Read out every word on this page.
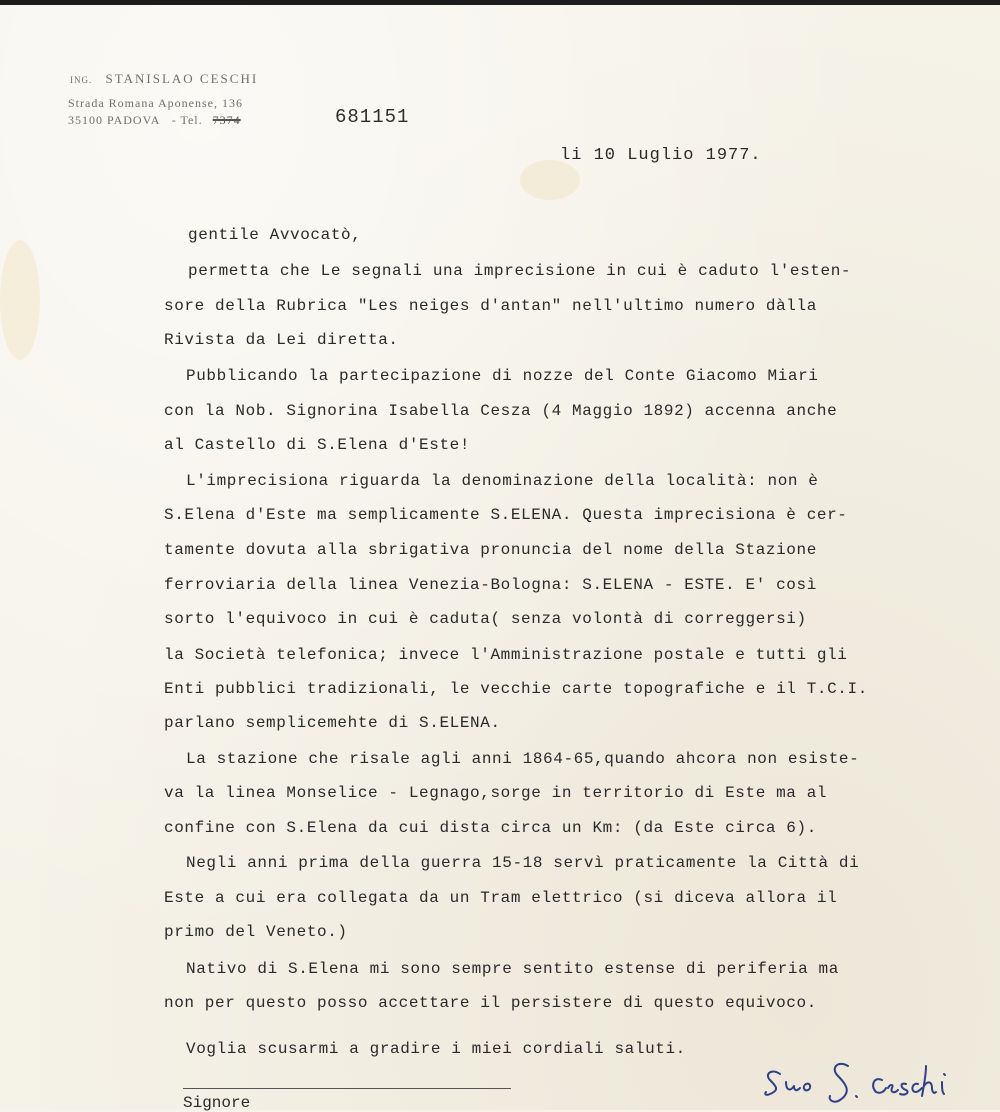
ING. STANISLAO CESCHI
Strada Romana Aponense, 136
35100 PADOVA - Tel. 7374	681151
li 10 Luglio 1977.
gentile Avvocatò,
permetta che Le segnali una imprecisione in cui è caduto l'esten-
sore della Rubrica "Les neiges d'antan" nell'ultimo numero dàlla
Rivista da Lei diretta.
Pubblicando la partecipazione di nozze del Conte Giacomo Miari
con la Nob. Signorina Isabella Cesza (4 Maggio 1892) accenna anche
al Castello di S.Elena d'Este!
L'imprecisiona riguarda la denominazione della località: non è
S.Elena d'Este ma semplicamente S.ELENA. Questa imprecisiona è cer-
tamente dovuta alla sbrigativa pronuncia del nome della Stazione
ferroviaria della linea Venezia-Bologna: S.ELENA - ESTE. E' così
sorto l'equivoco in cui è caduta( senza volontà di correggersi)
la Società telefonica; invece l'Amministrazione postale e tutti gli
Enti pubblici tradizionali, le vecchie carte topografiche e il T.C.I.
parlano semplicemehte di S.ELENA.
La stazione che risale agli anni 1864-65,quando ahcora non esiste-
va la linea Monselice - Legnago,sorge in territorio di Este ma al
confine con S.Elena da cui dista circa un Km: (da Este circa 6).
Negli anni prima della guerra 15-18 servì praticamente la Città di
Este a cui era collegata da un Tram elettrico (si diceva allora il
primo del Veneto.)
Nativo di S.Elena mi sono sempre sentito estense di periferia ma
non per questo posso accettare il persistere di questo equivoco.
Voglia scusarmi a gradire i miei cordiali saluti.
Signore
